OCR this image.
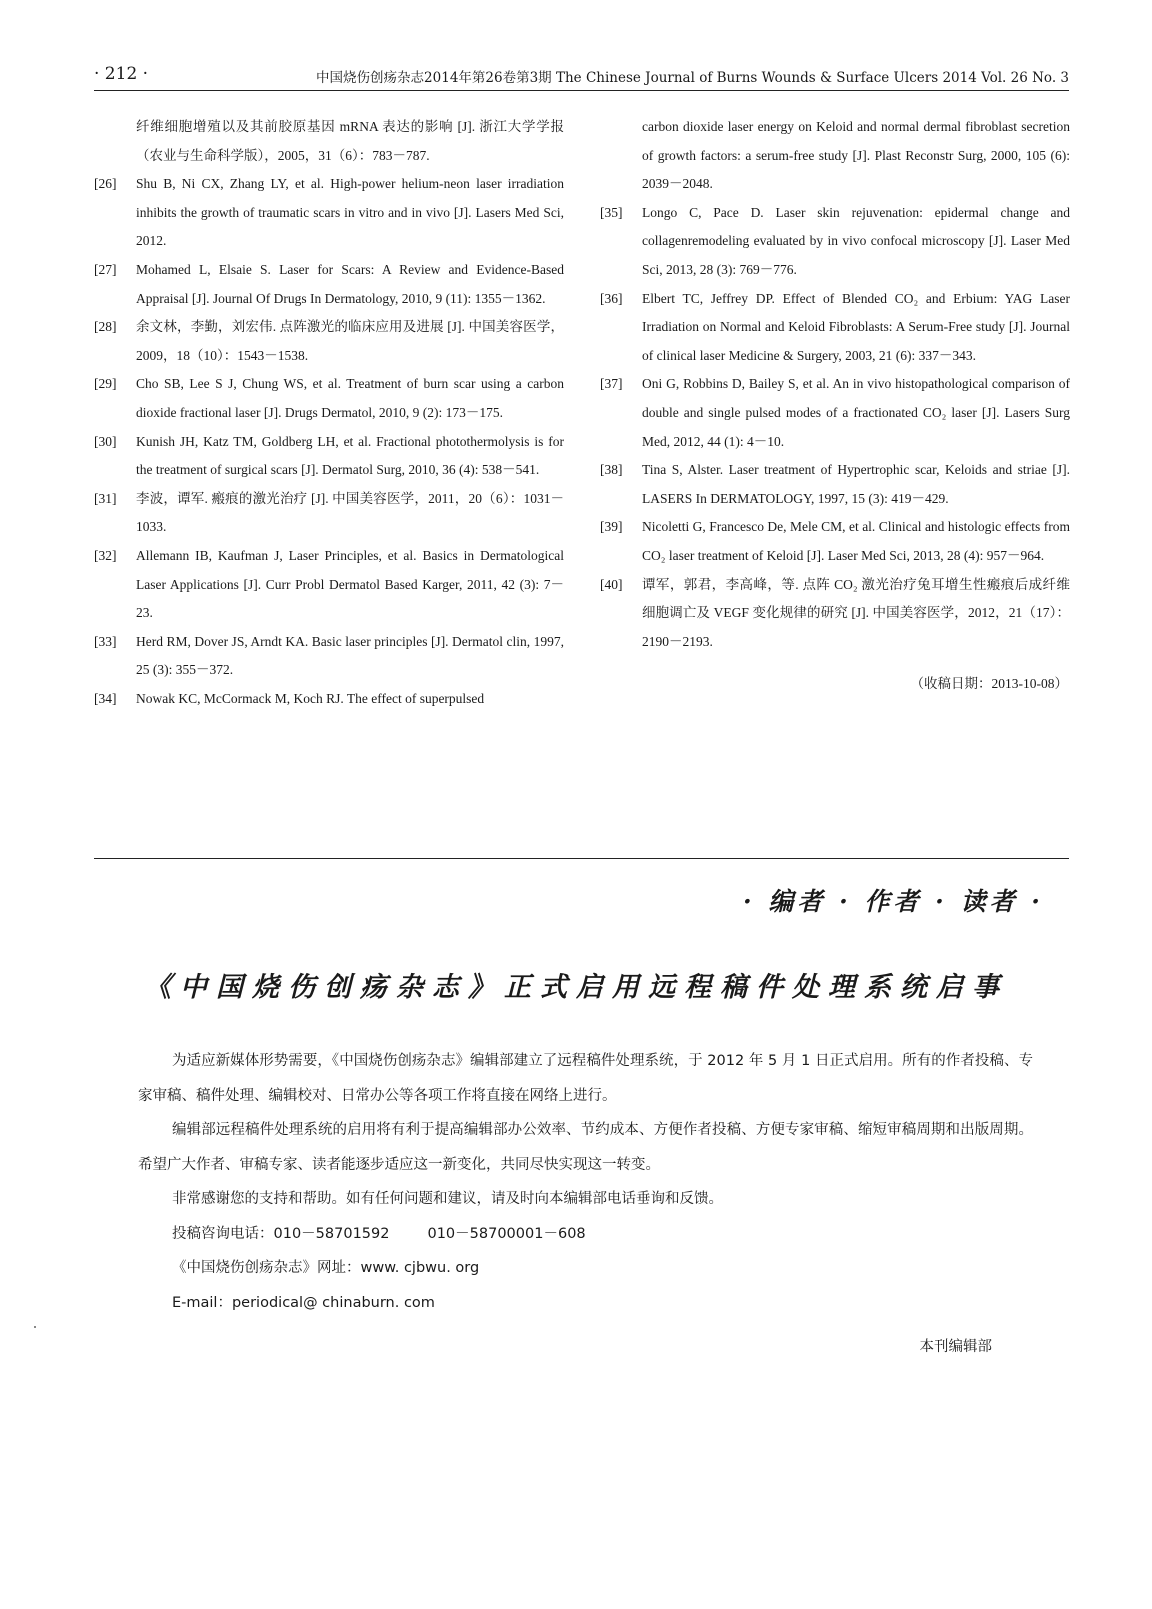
· 212 ·	中国烧伤创疡杂志2014年第26卷第3期 The Chinese Journal of Burns Wounds & Surface Ulcers 2014 Vol. 26 No. 3
纤维细胞增殖以及其前胶原基因 mRNA 表达的影响 [J]. 浙江大学学报（农业与生命科学版），2005，31（6）：783－787.
[26]	Shu B, Ni CX, Zhang LY, et al. High-power helium-neon laser irradiation inhibits the growth of traumatic scars in vitro and in vivo [J]. Lasers Med Sci, 2012.
[27]	Mohamed L, Elsaie S. Laser for Scars: A Review and Evidence-Based Appraisal [J]. Journal Of Drugs In Dermatology, 2010, 9 (11): 1355－1362.
[28]	余文林，李勤，刘宏伟. 点阵激光的临床应用及进展 [J]. 中国美容医学，2009，18（10）：1543－1538.
[29]	Cho SB, Lee S J, Chung WS, et al. Treatment of burn scar using a carbon dioxide fractional laser [J]. Drugs Dermatol, 2010, 9 (2): 173－175.
[30]	Kunish JH, Katz TM, Goldberg LH, et al. Fractional photothermolysis is for the treatment of surgical scars [J]. Dermatol Surg, 2010, 36 (4): 538－541.
[31]	李波，谭军. 瘢痕的激光治疗 [J]. 中国美容医学，2011，20（6）：1031－1033.
[32]	Allemann IB, Kaufman J, Laser Principles, et al. Basics in Dermatological Laser Applications [J]. Curr Probl Dermatol Based Karger, 2011, 42 (3): 7－23.
[33]	Herd RM, Dover JS, Arndt KA. Basic laser principles [J]. Dermatol clin, 1997, 25 (3): 355－372.
[34]	Nowak KC, McCormack M, Koch RJ. The effect of superpulsed
carbon dioxide laser energy on Keloid and normal dermal fibroblast secretion of growth factors: a serum-free study [J]. Plast Reconstr Surg, 2000, 105 (6): 2039－2048.
[35]	Longo C, Pace D. Laser skin rejuvenation: epidermal change and collagenremodeling evaluated by in vivo confocal microscopy [J]. Laser Med Sci, 2013, 28 (3): 769－776.
[36]	Elbert TC, Jeffrey DP. Effect of Blended CO₂ and Erbium: YAG Laser Irradiation on Normal and Keloid Fibroblasts: A Serum-Free study [J]. Journal of clinical laser Medicine & Surgery, 2003, 21 (6): 337－343.
[37]	Oni G, Robbins D, Bailey S, et al. An in vivo histopathological comparison of double and single pulsed modes of a fractionated CO₂ laser [J]. Lasers Surg Med, 2012, 44 (1): 4－10.
[38]	Tina S, Alster. Laser treatment of Hypertrophic scar, Keloids and striae [J]. LASERS In DERMATOLOGY, 1997, 15 (3): 419－429.
[39]	Nicoletti G, Francesco De, Mele CM, et al. Clinical and histologic effects from CO₂ laser treatment of Keloid [J]. Laser Med Sci, 2013, 28 (4): 957－964.
[40]	谭军，郭君，李高峰，等. 点阵 CO₂ 激光治疗兔耳增生性瘢痕后成纤维细胞调亡及 VEGF 变化规律的研究 [J]. 中国美容医学，2012，21（17）：2190－2193.
（收稿日期：2013-10-08）
· 编者 · 作者 · 读者 ·
《中国烧伤创疡杂志》正式启用远程稿件处理系统启事

为适应新媒体形势需要，《中国烧伤创疡杂志》编辑部建立了远程稿件处理系统，于 2012 年 5 月 1 日正式启用。所有的作者投稿、专家审稿、稿件处理、编辑校对、日常办公等各项工作将直接在网络上进行。

编辑部远程稿件处理系统的启用将有利于提高编辑部办公效率、节约成本、方便作者投稿、方便专家审稿、缩短审稿周期和出版周期。希望广大作者、审稿专家、读者能逐步适应这一新变化，共同尽快实现这一转变。

非常感谢您的支持和帮助。如有任何问题和建议，请及时向本编辑部电话垂询和反馈。

投稿咨询电话：010－58701592	010－58700001－608
《中国烧伤创疡杂志》网址：www. cjbwu. org
E-mail：periodical@ chinaburn. com
本刊编辑部
